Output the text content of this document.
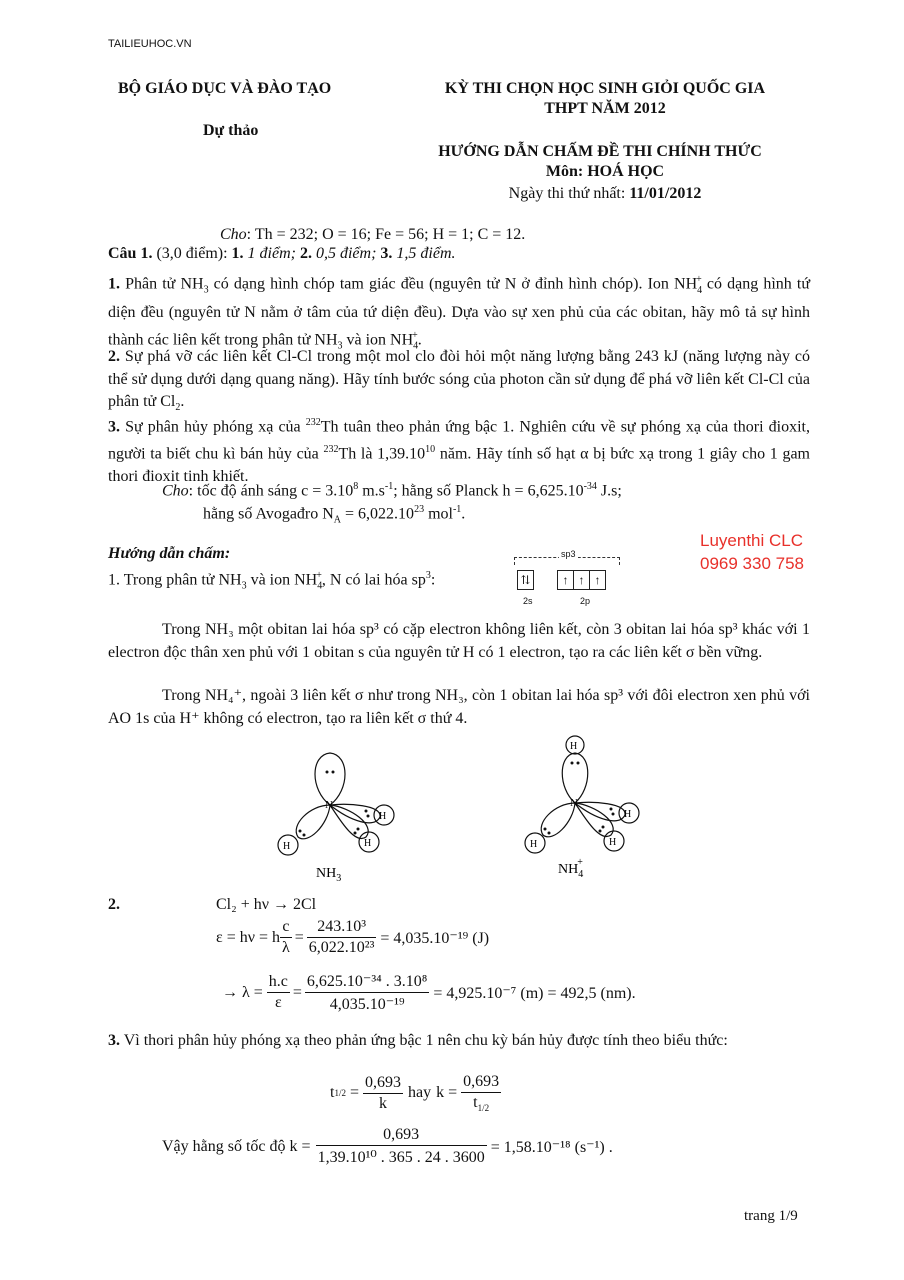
TAILIEUHOC.VN
BỘ GIÁO DỤC VÀ ĐÀO TẠO
Dự thảo
KỲ THI CHỌN HỌC SINH GIỎI QUỐC GIA
THPT NĂM 2012
HƯỚNG DẪN CHẤM ĐỀ THI CHÍNH THỨC
Môn: HOÁ HỌC
Ngày thi thứ nhất: 11/01/2012
Cho: Th = 232; O = 16; Fe = 56; H = 1; C = 12.
Câu 1. (3,0 điểm): 1. 1 điểm; 2. 0,5 điểm; 3. 1,5 điểm.
1. Phân tử $NH_3$ có dạng hình chóp tam giác đều (nguyên tử N ở đỉnh hình chóp). Ion $NH_4^+$ có dạng hình tứ diện đều (nguyên tử N nằm ở tâm của tứ diện đều). Dựa vào sự xen phủ của các obitan, hãy mô tả sự hình thành các liên kết trong phân tử $NH_3$ và ion $NH_4^+$.
2. Sự phá vỡ các liên kết Cl-Cl trong một mol clo đòi hỏi một năng lượng bằng 243 kJ (năng lượng này có thể sử dụng dưới dạng quang năng). Hãy tính bước sóng của photon cần sử dụng để phá vỡ liên kết Cl-Cl của phân tử $Cl_2$.
3. Sự phân hủy phóng xạ của $^{232}$Th tuân theo phản ứng bậc 1. Nghiên cứu về sự phóng xạ của thori đioxit, người ta biết chu kì bán hủy của $^{232}$Th là 1,39.10$^{10}$ năm. Hãy tính số hạt α bị bức xạ trong 1 giây cho 1 gam thori đioxit tinh khiết.
Cho: tốc độ ánh sáng $c = 3.10^8$ $m.s^{-1}$; hằng số Planck $h = 6,625.10^{-34}$ J.s;
hằng số Avogađro $N_A = 6,022.10^{23}$ mol$^{-1}$.
Luyenthi CLC
0969 330 758
Hướng dẫn chấm:
1. Trong phân tử $NH_3$ và ion $NH_4^+$, N có lai hóa $sp^3$:
sp3
⇅	↑ ↑ ↑
2s	2p
Trong NH₃ một obitan lai hóa sp³ có cặp electron không liên kết, còn 3 obitan lai hóa sp³ khác với 1 electron độc thân xen phủ với 1 obitan s của nguyên tử H có 1 electron, tạo ra các liên kết σ bền vững.
Trong NH₄⁺, ngoài 3 liên kết σ như trong NH₃, còn 1 obitan lai hóa sp³ với đôi electron xen phủ với AO 1s của H⁺ không có electron, tạo ra liên kết σ thứ 4.
N
H	H
H
$NH_3$
H
N
H	H
H
$NH_4+$
2.	Cl₂ + hν → 2Cl
ε = hν = h $\frac{c}{\lambda} = \frac{\text{243.10³}}{\text{6,022.10²³}} = 4,035.10^{-19}$ (J)
→ $\lambda = \frac{h.c}{\varepsilon} = \frac{\text{6,625.10⁻³⁴ . 3.10⁸}}{\text{4,035.10⁻¹⁹}} = 4,925.10^{-7}$ (m) = 492,5 (nm).
3. Vì thori phân hủy phóng xạ theo phản ứng bậc 1 nên chu kỳ bán hủy được tính theo biểu thức:
t $1/2 = \frac{0,693}{k}$ hay $k = \frac{0,693}{t_{1/2}}$
Vậy hằng số tốc độ $k = \frac{0,693}{\text{1,39.10¹⁰ . 365 . 24 . 3600}} = 1,58.10^{-18}$ (s⁻¹) .
trang 1/9
